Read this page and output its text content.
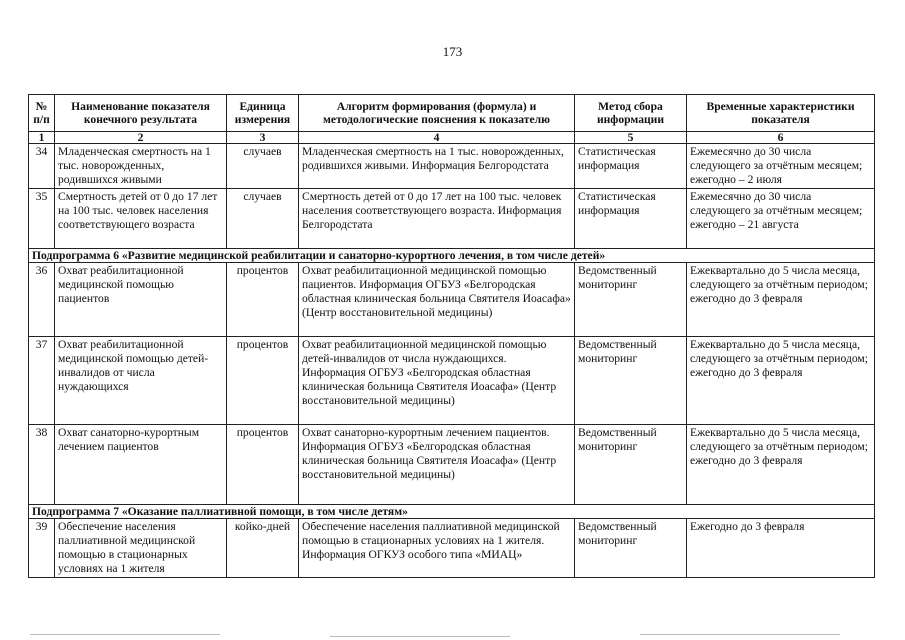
173
№ п/п	Наименование показателя конечного результата	Единица измерения	Алгоритм формирования (формула) и методологические пояснения к показателю	Метод сбора информации	Временные характеристики показателя
1	2	3	4	5	6
34	Младенческая смертность на 1 тыс. новорожденных, родившихся живыми	случаев	Младенческая смертность на 1 тыс. новорожденных, родившихся живыми. Информация Белгородстата	Статистическая информация	Ежемесячно до 30 числа следующего за отчётным месяцем; ежегодно – 2 июля
35	Смертность детей от 0 до 17 лет на 100 тыс. человек населения соответствующего возраста	случаев	Смертность детей от 0 до 17 лет на 100 тыс. человек населения соответствующего возраста. Информация Белгородстата	Статистическая информация	Ежемесячно до 30 числа следующего за отчётным месяцем; ежегодно – 21 августа
Подпрограмма 6 «Развитие медицинской реабилитации и санаторно-курортного лечения, в том числе детей»					
36	Охват реабилитационной медицинской помощью пациентов	процентов	Охват реабилитационной медицинской помощью пациентов. Информация ОГБУЗ «Белгородская областная клиническая больница Святителя Иоасафа» (Центр восстановительной медицины)	Ведомственный мониторинг	Ежеквартально до 5 числа месяца, следующего за отчётным периодом; ежегодно до 3 февраля
37	Охват реабилитационной медицинской помощью детей-инвалидов от числа нуждающихся	процентов	Охват реабилитационной медицинской помощью детей-инвалидов от числа нуждающихся. Информация ОГБУЗ «Белгородская областная клиническая больница Святителя Иоасафа» (Центр восстановительной медицины)	Ведомственный мониторинг	Ежеквартально до 5 числа месяца, следующего за отчётным периодом; ежегодно до 3 февраля
38	Охват санаторно-курортным лечением пациентов	процентов	Охват санаторно-курортным лечением пациентов. Информация ОГБУЗ «Белгородская областная клиническая больница Святителя Иоасафа» (Центр восстановительной медицины)	Ведомственный мониторинг	Ежеквартально до 5 числа месяца, следующего за отчётным периодом; ежегодно до 3 февраля
Подпрограмма 7 «Оказание паллиативной помощи, в том числе детям»					
39	Обеспечение населения паллиативной медицинской помощью в стационарных условиях на 1 жителя	койко-дней	Обеспечение населения паллиативной медицинской помощью в стационарных условиях на 1 жителя. Информация ОГКУЗ особого типа «МИАЦ»	Ведомственный мониторинг	Ежегодно до 3 февраля
